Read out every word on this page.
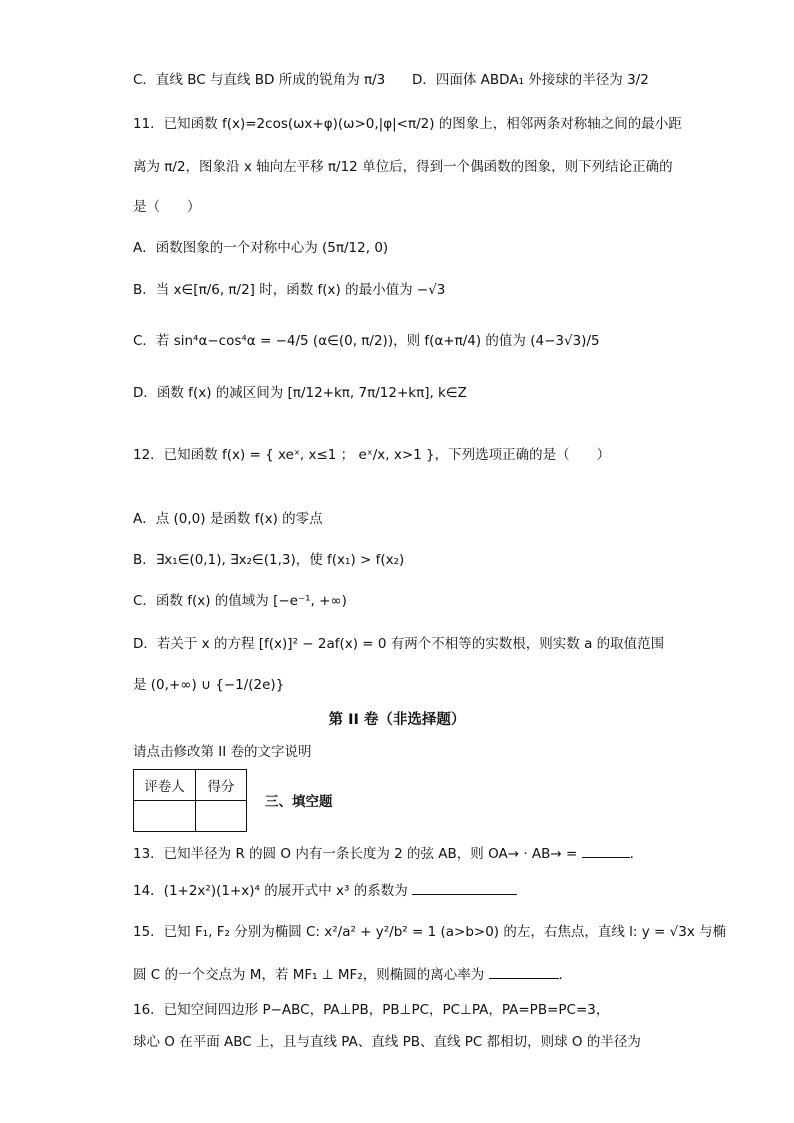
C．直线 BC 与直线 BD 所成的锐角为 π/3 D．四面体 ABDA₁ 外接球的半径为 3/2
11．已知函数 f(x)=2cos(ωx+φ)(ω>0,|φ|<π/2) 的图象上，相邻两条对称轴之间的最小距
离为 π/2，图象沿 x 轴向左平移 π/12 单位后，得到一个偶函数的图象，则下列结论正确的
是（　　）
A．函数图象的一个对称中心为 (5π/12, 0)
B．当 x∈[π/6, π/2] 时，函数 f(x) 的最小值为 −√3
C．若 sin⁴α−cos⁴α = −4/5 (α∈(0, π/2))，则 f(α+π/4) 的值为 (4−3√3)/5
D．函数 f(x) 的减区间为 [π/12+kπ, 7π/12+kπ], k∈Z
12．已知函数 f(x) = { xeˣ, x≤1 ； eˣ/x, x>1 }，下列选项正确的是（　　）
A．点 (0,0) 是函数 f(x) 的零点
B．∃x₁∈(0,1), ∃x₂∈(1,3)，使 f(x₁) > f(x₂)
C．函数 f(x) 的值域为 [−e⁻¹, +∞)
D．若关于 x 的方程 [f(x)]² − 2af(x) = 0 有两个不相等的实数根，则实数 a 的取值范围
是 (0,+∞) ∪ {−1/(2e)}
第 II 卷（非选择题）
请点击修改第 II 卷的文字说明
评卷人	得分

三、填空题
13．已知半径为 R 的圆 O 内有一条长度为 2 的弦 AB，则 OA→ · AB→ =	.
14．(1+2x²)(1+x)⁴ 的展开式中 x³ 的系数为
15．已知 F₁, F₂ 分别为椭圆 C: x²/a² + y²/b² = 1 (a>b>0) 的左，右焦点，直线 l: y = √3x 与椭
圆 C 的一个交点为 M，若 MF₁ ⊥ MF₂，则椭圆的离心率为	.
16．已知空间四边形 P−ABC，PA⊥PB，PB⊥PC，PC⊥PA，PA=PB=PC=3，
球心 O 在平面 ABC 上，且与直线 PA、直线 PB、直线 PC 都相切，则球 O 的半径为
